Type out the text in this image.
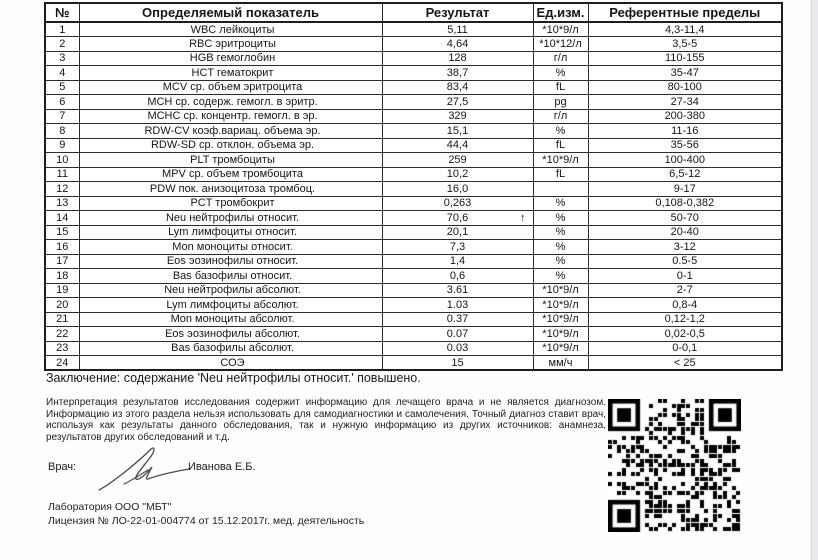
№	Определяемый показатель	Результат	Ед.изм.	Референтные пределы
1	WBC лейкоциты	5,11	*10*9/л	4,3-11,4
2	RBC эритроциты	4,64	*10*12/л	3,5-5
3	HGB гемоглобин	128	г/л	110-155
4	HCT гематокрит	38,7	%	35-47
5	MCV ср. объем эритроцита	83,4	fL	80-100
6	MCH ср. содерж. гемогл. в эритр.	27,5	pg	27-34
7	MCHC ср. концентр. гемогл. в эр.	329	г/л	200-380
8	RDW-CV коэф.вариац. объема эр.	15,1	%	11-16
9	RDW-SD ср. отклон. объема эр.	44,4	fL	35-56
10	PLT тромбоциты	259	*10*9/л	100-400
11	MPV ср. объем тромбоцита	10,2	fL	6,5-12
12	PDW пок. анизоцитоза тромбоц.	16,0		9-17
13	PCT тромбокрит	0,263	%	0,108-0,382
14	Neu нейтрофилы относит.	70,6 ↑	%	50-70
15	Lym лимфоциты относит.	20,1	%	20-40
16	Mon моноциты относит.	7,3	%	3-12
17	Eos эозинофилы относит.	1,4	%	0.5-5
18	Bas базофилы относит.	0,6	%	0-1
19	Neu нейтрофилы абсолют.	3.61	*10*9/л	2-7
20	Lym лимфоциты абсолют.	1.03	*10*9/л	0,8-4
21	Mon моноциты абсолют.	0.37	*10*9/л	0,12-1,2
22	Eos эозинофилы абсолют.	0.07	*10*9/л	0,02-0,5
23	Bas базофилы абсолют.	0.03	*10*9/л	0-0,1
24	СОЭ	15	мм/ч	< 25
Заключение: содержание 'Neu нейтрофилы относит.' повышено.
Интерпретация результатов исследования содержит информацию для лечащего врача и не является диагнозом. Информацию из этого раздела нельзя использовать для самодиагностики и самолечения. Точный диагноз ставит врач, используя как результаты данного обследования, так и нужную информацию из других источников: анамнеза, результатов других обследований и т.д.
Врач:	Иванова Е.Б.
Лаборатория ООО "МБТ"
Лицензия № ЛО-22-01-004774 от 15.12.2017г. мед. деятельность
